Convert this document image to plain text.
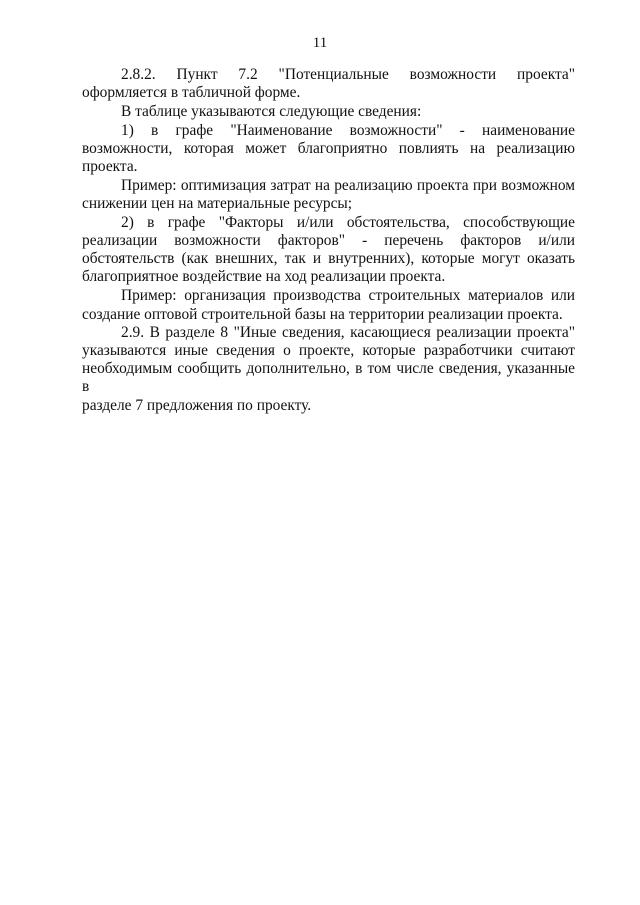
11

2.8.2. Пункт 7.2 "Потенциальные возможности проекта"

оформляется в табличной форме.

В таблице указываются следующие сведения:

1) в графе "Наименование возможности" - наименование

возможности, которая может благоприятно повлиять на реализацию
проекта.

Пример: оптимизация затрат на реализацию проекта при возможном

снижении цен на материальные ресурсы;

2) в графе "Факторы и/или обстоятельства, способствующие

реализации возможности факторов" - перечень факторов и/или
обстоятельств (как внешних, так и внутренних), которые могут оказать
благоприятное воздействие на ход реализации проекта.

Пример: организация производства строительных материалов или

создание оптовой строительной базы на территории реализации проекта.

2.9. В разделе 8 "Иные сведения, касающиеся реализации проекта"

указываются иные сведения о проекте, которые разработчики считают
необходимым сообщить дополнительно, в том числе сведения, указанные в
разделе 7 предложения по проекту.
